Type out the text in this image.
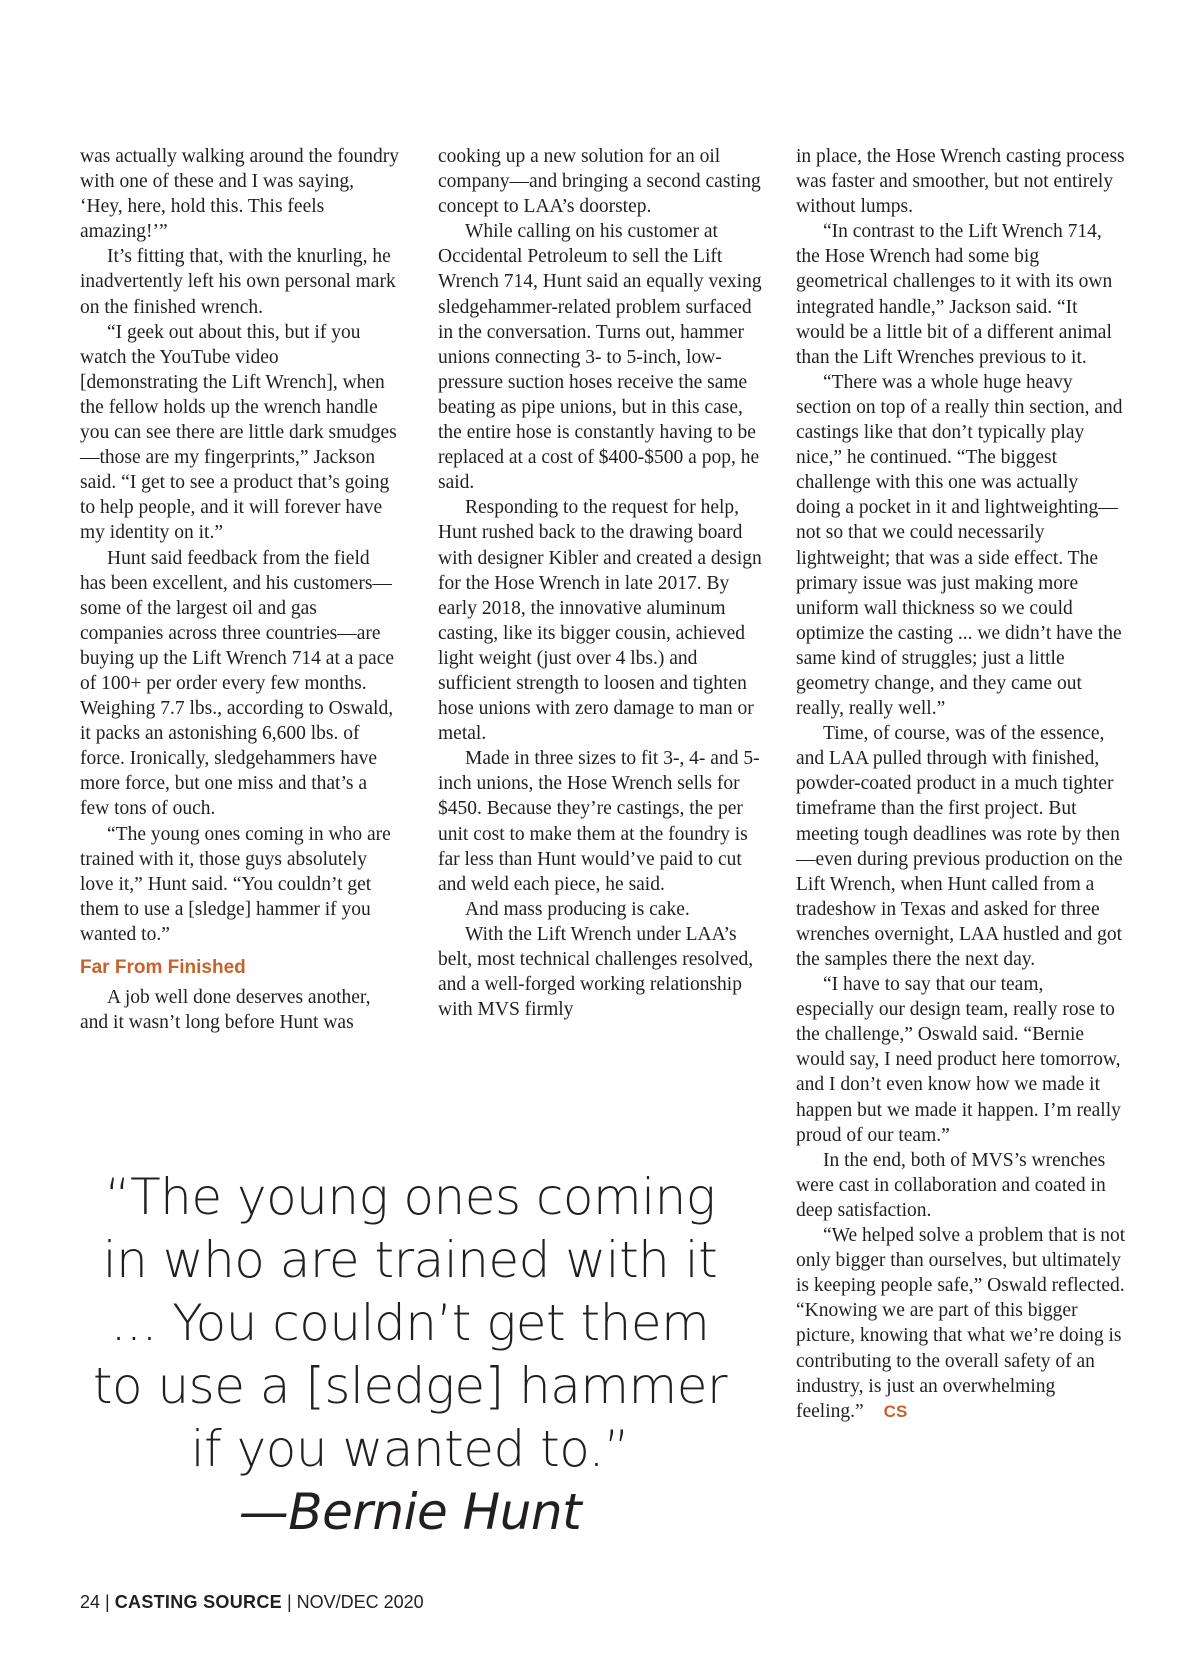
was actually walking around the foundry with one of these and I was saying, ‘Hey, here, hold this. This feels amazing!’”

It’s fitting that, with the knurling, he inadvertently left his own personal mark on the finished wrench.

“I geek out about this, but if you watch the YouTube video [demonstrating the Lift Wrench], when the fellow holds up the wrench handle you can see there are little dark smudges—those are my fingerprints,” Jackson said. “I get to see a product that’s going to help people, and it will forever have my identity on it.”

Hunt said feedback from the field has been excellent, and his customers—some of the largest oil and gas companies across three countries—are buying up the Lift Wrench 714 at a pace of 100+ per order every few months. Weighing 7.7 lbs., according to Oswald, it packs an astonishing 6,600 lbs. of force. Ironically, sledgehammers have more force, but one miss and that’s a few tons of ouch.

“The young ones coming in who are trained with it, those guys absolutely love it,” Hunt said. “You couldn’t get them to use a [sledge] hammer if you wanted to.”

Far From Finished

A job well done deserves another, and it wasn’t long before Hunt was

cooking up a new solution for an oil company—and bringing a second casting concept to LAA’s doorstep.

While calling on his customer at Occidental Petroleum to sell the Lift Wrench 714, Hunt said an equally vexing sledgehammer-related problem surfaced in the conversation. Turns out, hammer unions connecting 3- to 5-inch, low-pressure suction hoses receive the same beating as pipe unions, but in this case, the entire hose is constantly having to be replaced at a cost of $400-$500 a pop, he said.

Responding to the request for help, Hunt rushed back to the drawing board with designer Kibler and created a design for the Hose Wrench in late 2017. By early 2018, the innovative aluminum casting, like its bigger cousin, achieved light weight (just over 4 lbs.) and sufficient strength to loosen and tighten hose unions with zero damage to man or metal.

Made in three sizes to fit 3-, 4- and 5-inch unions, the Hose Wrench sells for $450. Because they’re castings, the per unit cost to make them at the foundry is far less than Hunt would’ve paid to cut and weld each piece, he said.

And mass producing is cake.

With the Lift Wrench under LAA’s belt, most technical challenges resolved, and a well-forged working relationship with MVS firmly

in place, the Hose Wrench casting process was faster and smoother, but not entirely without lumps.

“In contrast to the Lift Wrench 714, the Hose Wrench had some big geometrical challenges to it with its own integrated handle,” Jackson said. “It would be a little bit of a different animal than the Lift Wrenches previous to it.

“There was a whole huge heavy section on top of a really thin section, and castings like that don’t typically play nice,” he continued. “The biggest challenge with this one was actually doing a pocket in it and lightweighting—not so that we could necessarily lightweight; that was a side effect. The primary issue was just making more uniform wall thickness so we could optimize the casting ... we didn’t have the same kind of struggles; just a little geometry change, and they came out really, really well.”

Time, of course, was of the essence, and LAA pulled through with finished, powder-coated product in a much tighter timeframe than the first project. But meeting tough deadlines was rote by then—even during previous production on the Lift Wrench, when Hunt called from a tradeshow in Texas and asked for three wrenches overnight, LAA hustled and got the samples there the next day.

“I have to say that our team, especially our design team, really rose to the challenge,” Oswald said. “Bernie would say, I need product here tomorrow, and I don’t even know how we made it happen but we made it happen. I’m really proud of our team.”

In the end, both of MVS’s wrenches were cast in collaboration and coated in deep satisfaction.

“We helped solve a problem that is not only bigger than ourselves, but ultimately is keeping people safe,” Oswald reflected. “Knowing we are part of this bigger picture, knowing that what we’re doing is contributing to the overall safety of an industry, is just an overwhelming feeling.” CS

“The young ones coming in who are trained with it ... You couldn’t get them to use a [sledge] hammer if you wanted to.”
—Bernie Hunt
24 | CASTING SOURCE | NOV/DEC 2020
